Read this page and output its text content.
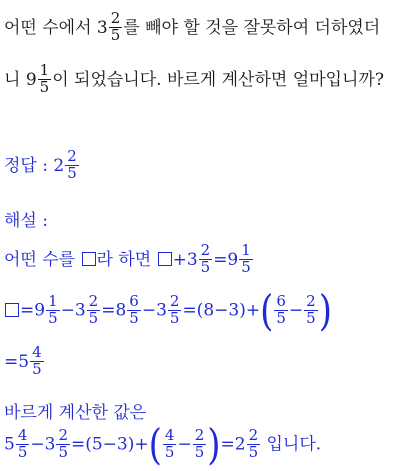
어떤 수에서 $3 \frac{2}{5}$ 를 빼야 할 것을 잘못하여 더하였더
니 $9 \frac{1}{5}$ 이 되었습니다. 바르게 계산하면 얼마입니까?
정답 : $2 \frac{2}{5}$
해설 :
어떤 수를 라 하면 $+3 \frac{2}{5} =9 \frac{1}{5}$
$=9 \frac{1}{5} -3 \frac{2}{5} =8 \frac{6}{5} -3 \frac{2}{5} =(8-3)+( \frac{6}{5} - \frac{2}{5}$ )
$=5 \frac{4}{5}$
바르게 계산한 값은
$5 \frac{4}{5} -3 \frac{2}{5} =(5-3)+( \frac{4}{5} - \frac{2}{5} )=2 \frac{2}{5}$ 입니다.
